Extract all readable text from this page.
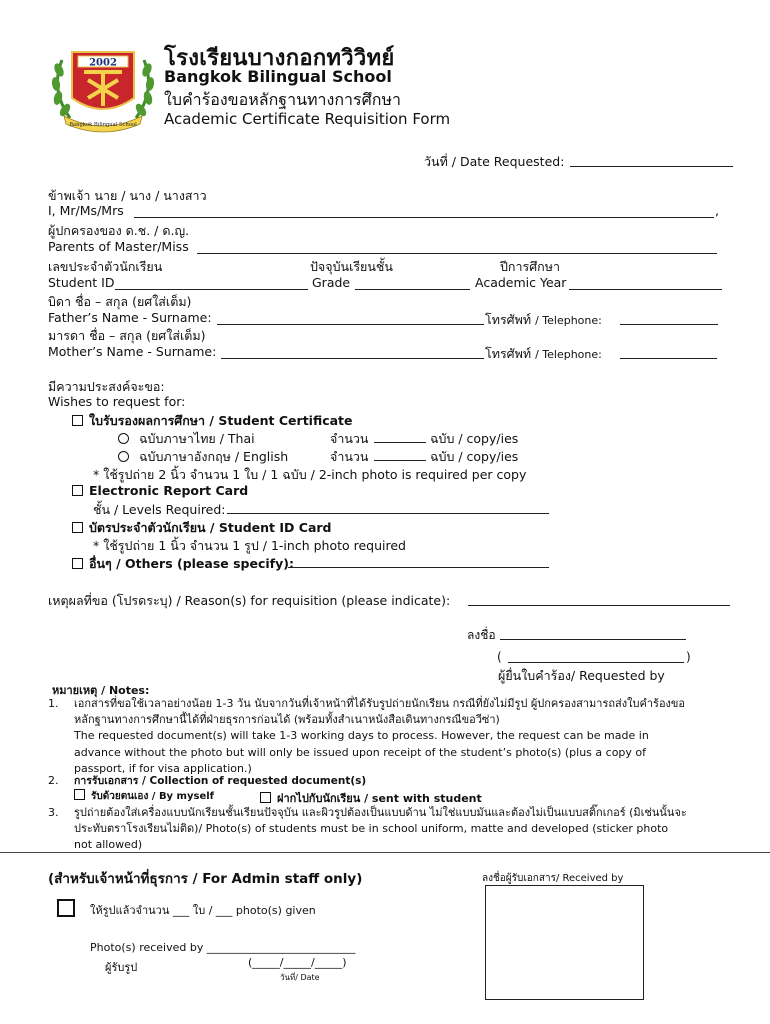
2002
Bangkok Bilingual School
โรงเรียนบางกอกทวิวิทย์
Bangkok Bilingual School
ใบคำร้องขอหลักฐานทางการศึกษา
Academic Certificate Requisition Form
วันที่ / Date Requested:
ข้าพเจ้า นาย / นาง / นางสาว
I, Mr/Ms/Mrs	,
ผู้ปกครองของ ด.ช. / ด.ญ.
Parents of Master/Miss
เลขประจำตัวนักเรียน	ปัจจุบันเรียนชั้น	ปีการศึกษา
Student ID	Grade	Academic Year
บิดา ชื่อ – สกุล (ยศใส่เต็ม)
Father’s Name - Surname:	โทรศัพท์ / Telephone:
มารดา ชื่อ – สกุล (ยศใส่เต็ม)
Mother’s Name - Surname:	โทรศัพท์ / Telephone:
มีความประสงค์จะขอ:
Wishes to request for:
ใบรับรองผลการศึกษา / Student Certificate
ฉบับภาษาไทย / Thai	จำนวน	ฉบับ / copy/ies
ฉบับภาษาอังกฤษ / English	จำนวน	ฉบับ / copy/ies
* ใช้รูปถ่าย 2 นิ้ว จำนวน 1 ใบ / 1 ฉบับ / 2-inch photo is required per copy
Electronic Report Card
ชั้น / Levels Required:
บัตรประจำตัวนักเรียน / Student ID Card
* ใช้รูปถ่าย 1 นิ้ว จำนวน 1 รูป / 1-inch photo required
อื่นๆ / Others (please specify):
เหตุผลที่ขอ (โปรดระบุ) / Reason(s) for requisition (please indicate):
ลงชื่อ
(	)
ผู้ยื่นใบคำร้อง/ Requested by
หมายเหตุ / Notes:
1. เอกสารที่ขอใช้เวลาอย่างน้อย 1-3 วัน นับจากวันที่เจ้าหน้าที่ได้รับรูปถ่ายนักเรียน กรณีที่ยังไม่มีรูป ผู้ปกครองสามารถส่งใบคำร้องขอหลักฐานทางการศึกษานี้ได้ที่ฝ่ายธุรการก่อนได้ (พร้อมทั้งสำเนาหนังสือเดินทางกรณีขอวีซ่า)
The requested document(s) will take 1-3 working days to process. However, the request can be made in advance without the photo but will only be issued upon receipt of the student’s photo(s) (plus a copy of passport, if for visa application.)
2. การรับเอกสาร / Collection of requested document(s)
รับด้วยตนเอง / By myself	ฝากไปกับนักเรียน / sent with student
3. รูปถ่ายต้องใส่เครื่องแบบนักเรียนชั้นเรียนปัจจุบัน และผิวรูปต้องเป็นแบบด้าน ไม่ใช่แบบมันและต้องไม่เป็นแบบสติ๊กเกอร์ (มิเช่นนั้นจะประทับตราโรงเรียนไม่ติด)/ Photo(s) of students must be in school uniform, matte and developed (sticker photo not allowed)
(สำหรับเจ้าหน้าที่ธุรการ / For Admin staff only)	ลงชื่อผู้รับเอกสาร/ Received by
ให้รูปแล้วจำนวน ___ ใบ / ___ photo(s) given
Photo(s) received by ___________________________
ผู้รับรูป	(_____/_____/_____)
วันที่/ Date
